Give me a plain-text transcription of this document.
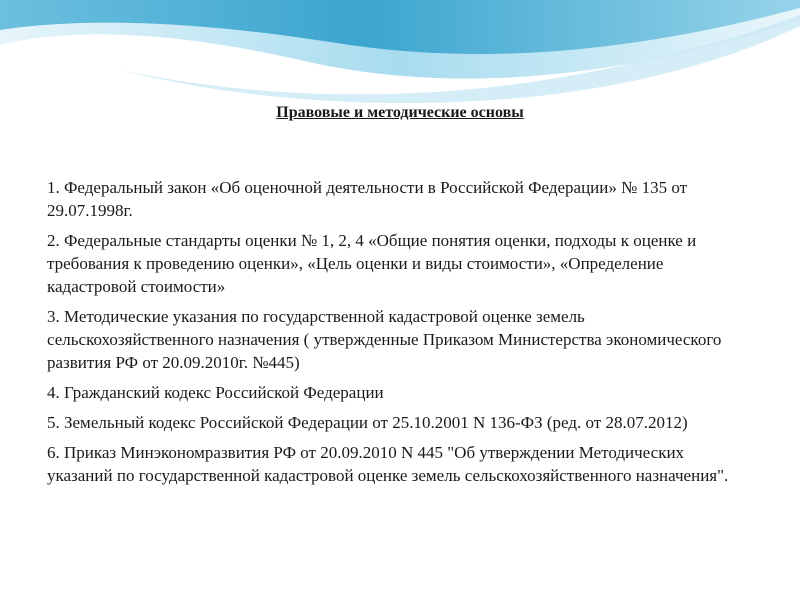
Правовые и методические основы
1. Федеральный закон «Об оценочной деятельности в Российской Федерации» № 135 от 29.07.1998г.
2. Федеральные стандарты оценки № 1, 2, 4 «Общие понятия оценки, подходы к оценке и требования к проведению оценки», «Цель оценки и виды стоимости», «Определение кадастровой стоимости»
3. Методические указания по государственной кадастровой оценке земель сельскохозяйственного назначения ( утвержденные Приказом Министерства экономического развития РФ от 20.09.2010г. №445)
4. Гражданский кодекс Российской Федерации
5. Земельный кодекс Российской Федерации от 25.10.2001 N 136-ФЗ (ред. от 28.07.2012)
6. Приказ Минэкономразвития РФ от 20.09.2010 N 445 "Об утверждении Методических указаний по государственной кадастровой оценке земель сельскохозяйственного назначения".
